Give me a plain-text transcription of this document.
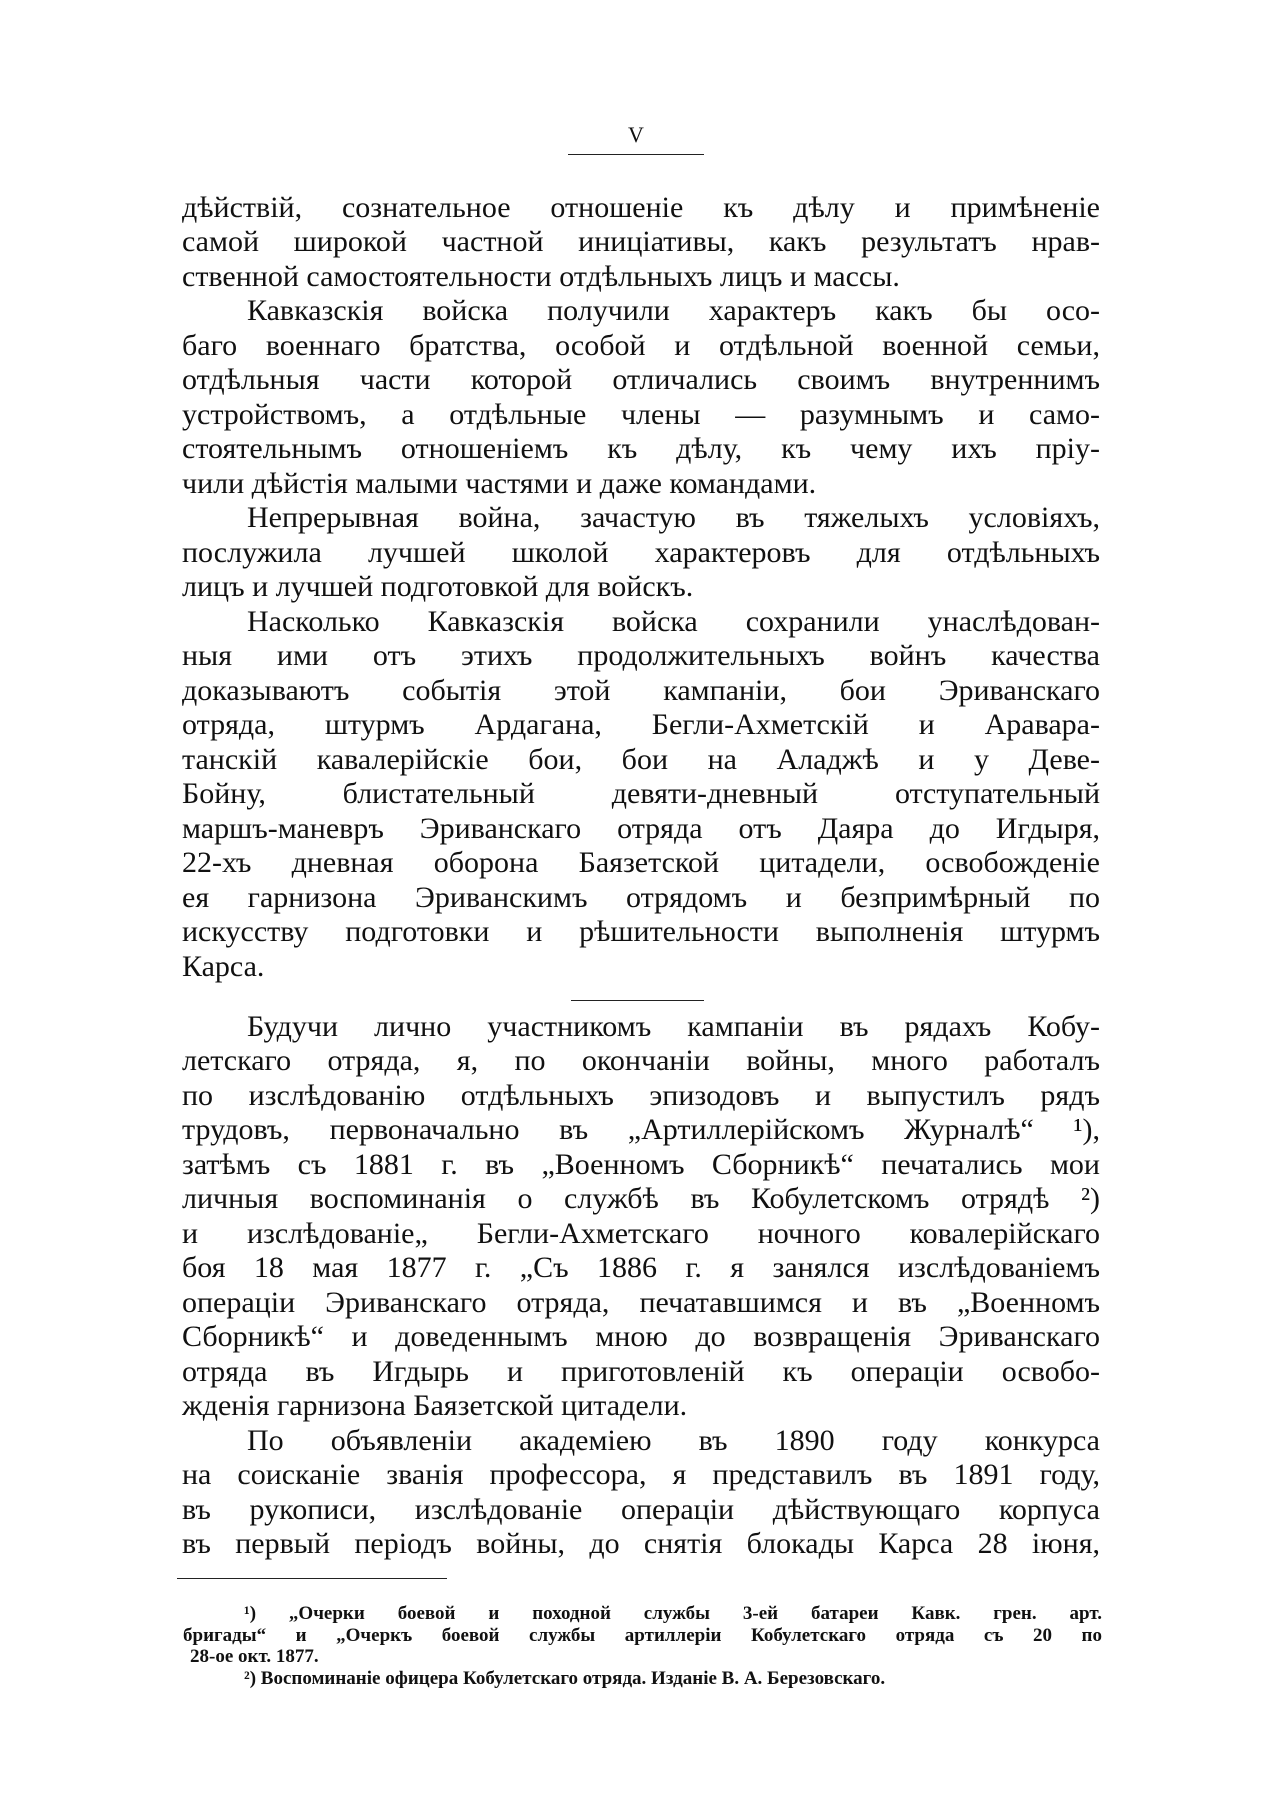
V
дѣйствій, сознательное отношеніе къ дѣлу и примѣненіе
самой широкой частной иниціативы, какъ результатъ нрав-
ственной самостоятельности отдѣльныхъ лицъ и массы.
Кавказскія войска получили характеръ какъ бы осо-
баго военнаго братства, особой и отдѣльной военной семьи,
отдѣльныя части которой отличались своимъ внутреннимъ
устройствомъ, а отдѣльные члены — разумнымъ и само-
стоятельнымъ отношеніемъ къ дѣлу, къ чему ихъ пріу-
чили дѣйстія малыми частями и даже командами.
Непрерывная война, зачастую въ тяжелыхъ условіяхъ,
послужила лучшей школой характеровъ для отдѣльныхъ
лицъ и лучшей подготовкой для войскъ.
Насколько Кавказскія войска сохранили унаслѣдован-
ныя ими отъ этихъ продолжительныхъ войнъ качества
доказываютъ событія этой кампаніи, бои Эриванскаго
отряда, штурмъ Ардагана, Бегли-Ахметскій и Аравара-
танскій кавалерійскіе бои, бои на Аладжѣ и у Деве-
Бойну, блистательный девяти-дневный отступательный
маршъ-маневръ Эриванскаго отряда отъ Даяра до Игдыря,
22-хъ дневная оборона Баязетской цитадели, освобожденіе
ея гарнизона Эриванскимъ отрядомъ и безпримѣрный по
искусству подготовки и рѣшительности выполненія штурмъ
Карса.
Будучи лично участникомъ кампаніи въ рядахъ Кобу-
летскаго отряда, я, по окончаніи войны, много работалъ
по изслѣдованію отдѣльныхъ эпизодовъ и выпустилъ рядъ
трудовъ, первоначально въ „Артиллерійскомъ Журналѣ“ ¹),
затѣмъ съ 1881 г. въ „Военномъ Сборникѣ“ печатались мои
личныя воспоминанія о службѣ въ Кобулетскомъ отрядѣ ²)
и изслѣдованіе„ Бегли-Ахметскаго ночного ковалерійскаго
боя 18 мая 1877 г. „Съ 1886 г. я занялся изслѣдованіемъ
операціи Эриванскаго отряда, печатавшимся и въ „Военномъ
Сборникѣ“ и доведеннымъ мною до возвращенія Эриванскаго
отряда въ Игдырь и приготовленій къ операціи освобо-
жденія гарнизона Баязетской цитадели.
По объявленіи академіею въ 1890 году конкурса
на соисканіе званія профессора, я представилъ въ 1891 году,
въ рукописи, изслѣдованіе операціи дѣйствующаго корпуса
въ первый періодъ войны, до снятія блокады Карса 28 іюня,
¹) „Очерки боевой и походной службы 3-ей батареи Кавк. грен. арт.
бригады“ и „Очеркъ боевой службы артиллеріи Кобулетскаго отряда съ 20 по
28-ое окт. 1877.
²) Воспоминаніе офицера Кобулетскаго отряда. Изданіе В. А. Березовскаго.
